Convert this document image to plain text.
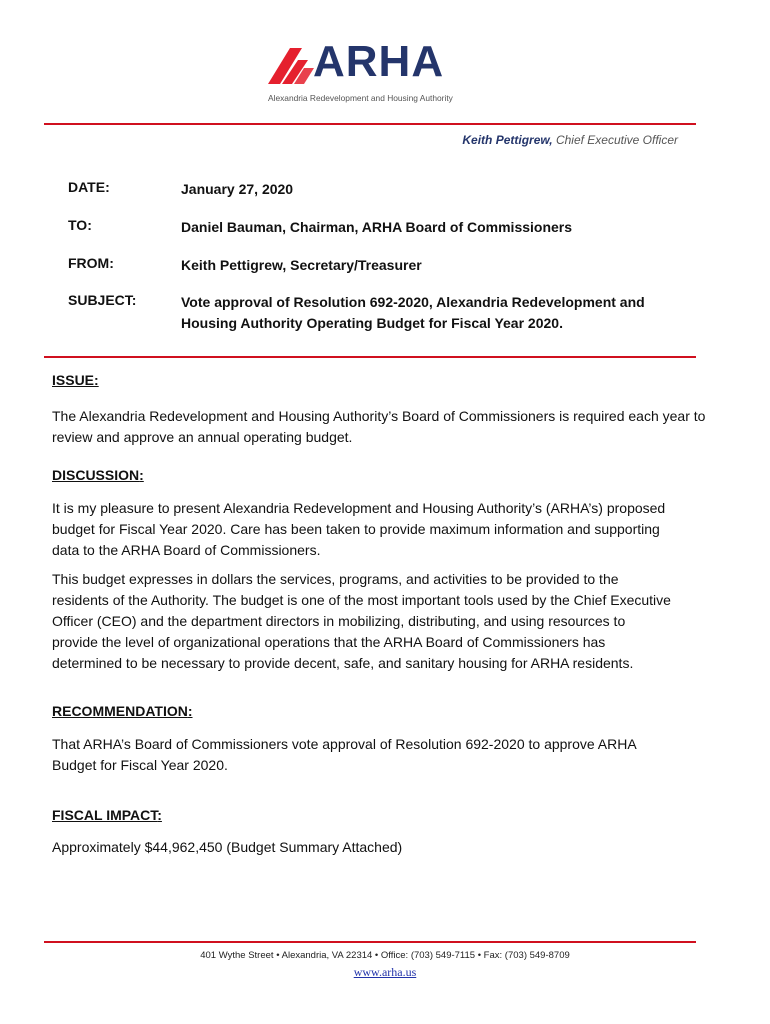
ARHA
Alexandria Redevelopment and Housing Authority
Keith Pettigrew, Chief Executive Officer
DATE:	January 27, 2020
TO:	Daniel Bauman, Chairman, ARHA Board of Commissioners
FROM:	Keith Pettigrew, Secretary/Treasurer
SUBJECT:	Vote approval of Resolution 692-2020, Alexandria Redevelopment and Housing Authority Operating Budget for Fiscal Year 2020.
ISSUE:
The Alexandria Redevelopment and Housing Authority’s Board of Commissioners is required each year to review and approve an annual operating budget.
DISCUSSION:
It is my pleasure to present Alexandria Redevelopment and Housing Authority’s (ARHA’s) proposed budget for Fiscal Year 2020. Care has been taken to provide maximum information and supporting data to the ARHA Board of Commissioners.
This budget expresses in dollars the services, programs, and activities to be provided to the residents of the Authority. The budget is one of the most important tools used by the Chief Executive Officer (CEO) and the department directors in mobilizing, distributing, and using resources to provide the level of organizational operations that the ARHA Board of Commissioners has determined to be necessary to provide decent, safe, and sanitary housing for ARHA residents.
RECOMMENDATION:
That ARHA’s Board of Commissioners vote approval of Resolution 692-2020 to approve ARHA Budget for Fiscal Year 2020.
FISCAL IMPACT:
Approximately $44,962,450 (Budget Summary Attached)
401 Wythe Street • Alexandria, VA 22314 • Office: (703) 549-7115 • Fax: (703) 549-8709
www.arha.us
